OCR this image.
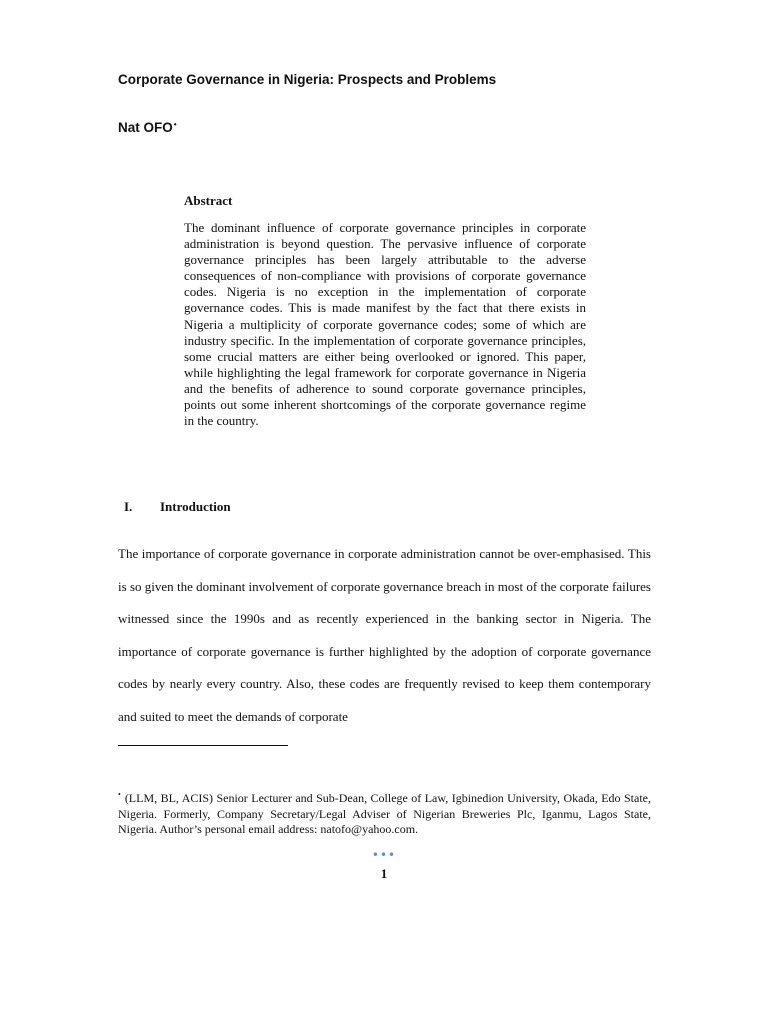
Corporate Governance in Nigeria: Prospects and Problems

Nat OFO•

Abstract

The dominant influence of corporate governance principles in corporate administration is beyond question. The pervasive influence of corporate governance principles has been largely attributable to the adverse consequences of non-compliance with provisions of corporate governance codes. Nigeria is no exception in the implementation of corporate governance codes. This is made manifest by the fact that there exists in Nigeria a multiplicity of corporate governance codes; some of which are industry specific. In the implementation of corporate governance principles, some crucial matters are either being overlooked or ignored. This paper, while highlighting the legal framework for corporate governance in Nigeria and the benefits of adherence to sound corporate governance principles, points out some inherent shortcomings of the corporate governance regime in the country.

I. Introduction

The importance of corporate governance in corporate administration cannot be over-emphasised. This is so given the dominant involvement of corporate governance breach in most of the corporate failures witnessed since the 1990s and as recently experienced in the banking sector in Nigeria. The importance of corporate governance is further highlighted by the adoption of corporate governance codes by nearly every country. Also, these codes are frequently revised to keep them contemporary and suited to meet the demands of corporate

• (LLM, BL, ACIS) Senior Lecturer and Sub-Dean, College of Law, Igbinedion University, Okada, Edo State, Nigeria. Formerly, Company Secretary/Legal Adviser of Nigerian Breweries Plc, Iganmu, Lagos State, Nigeria. Author’s personal email address: natofo@yahoo.com.

•••
1
